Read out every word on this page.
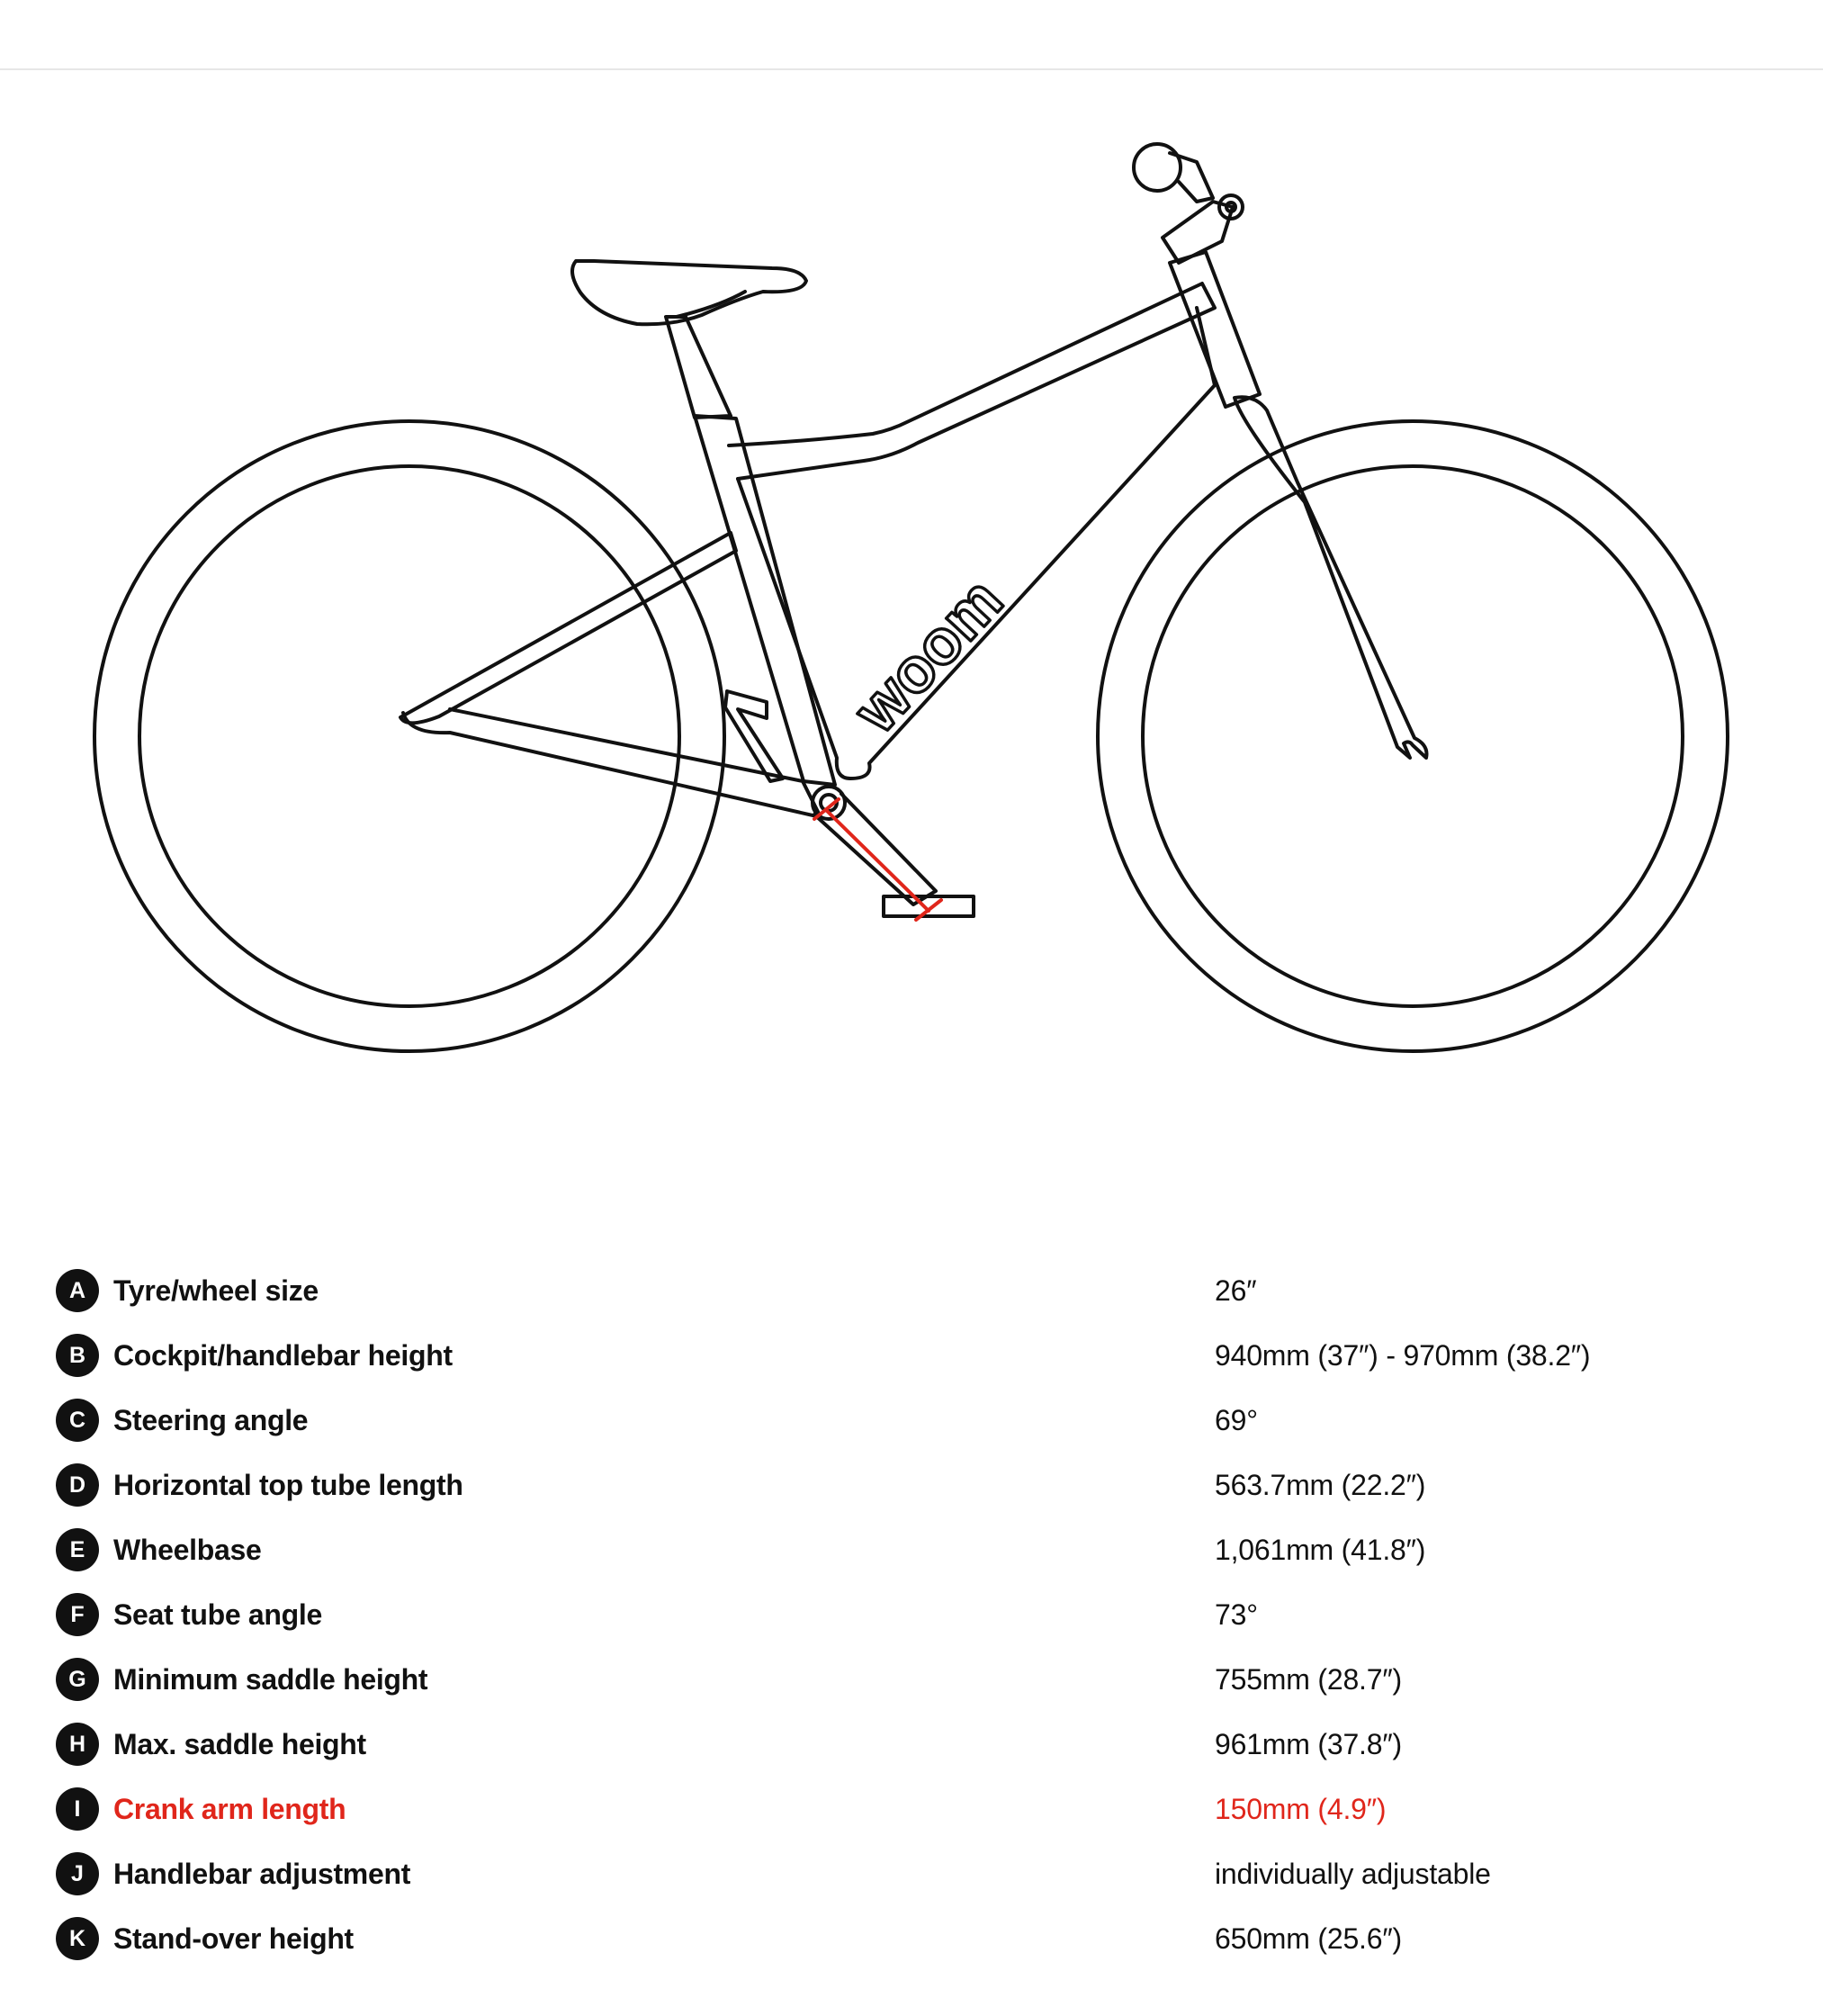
woom
A Tyre/wheel size	26″
B Cockpit/handlebar height	940mm (37″) - 970mm (38.2″)
C Steering angle	69°
D Horizontal top tube length	563.7mm (22.2″)
E Wheelbase	1,061mm (41.8″)
F	Seat tube angle	73°
G Minimum saddle height	755mm (28.7″)
H Max. saddle height	961mm (37.8″)
I	Crank arm length	150mm (4.9″)
J	Handlebar adjustment	individually adjustable
K Stand-over height	650mm (25.6″)
